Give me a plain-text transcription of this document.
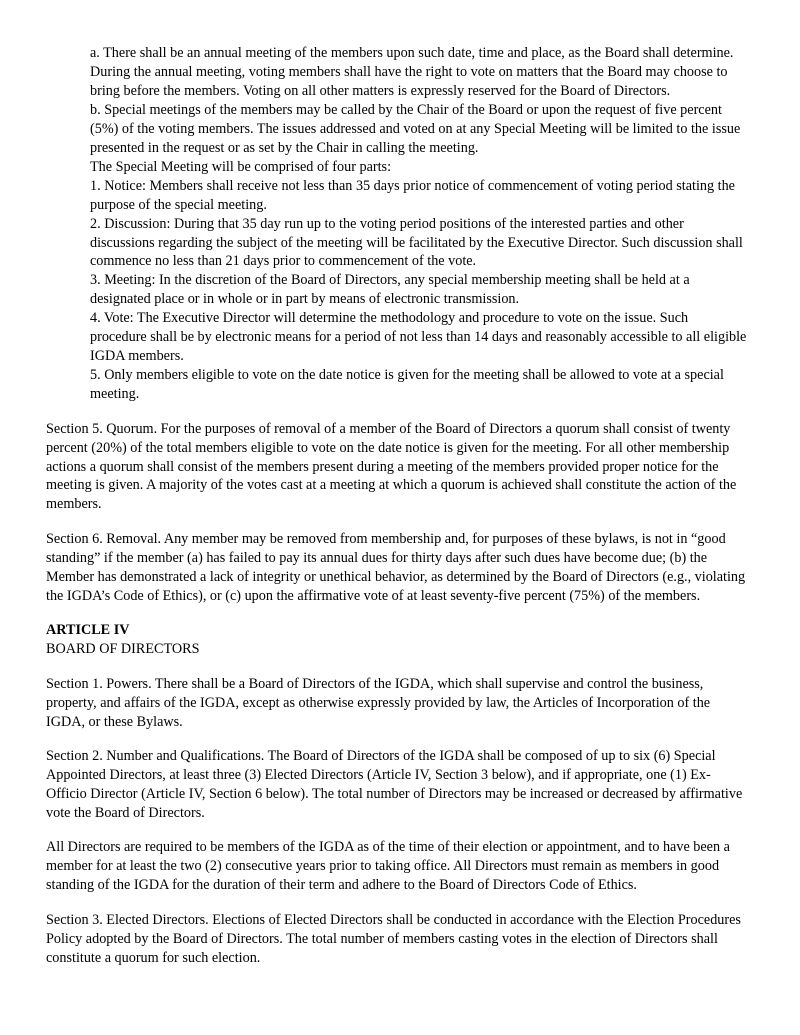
a. There shall be an annual meeting of the members upon such date, time and place, as the Board shall determine. During the annual meeting, voting members shall have the right to vote on matters that the Board may choose to bring before the members. Voting on all other matters is expressly reserved for the Board of Directors.

b. Special meetings of the members may be called by the Chair of the Board or upon the request of five percent (5%) of the voting members. The issues addressed and voted on at any Special Meeting will be limited to the issue presented in the request or as set by the Chair in calling the meeting.

The Special Meeting will be comprised of four parts:

1. Notice: Members shall receive not less than 35 days prior notice of commencement of voting period stating the purpose of the special meeting.

2. Discussion: During that 35 day run up to the voting period positions of the interested parties and other discussions regarding the subject of the meeting will be facilitated by the Executive Director. Such discussion shall commence no less than 21 days prior to commencement of the vote.

3. Meeting: In the discretion of the Board of Directors, any special membership meeting shall be held at a designated place or in whole or in part by means of electronic transmission.

4. Vote: The Executive Director will determine the methodology and procedure to vote on the issue. Such procedure shall be by electronic means for a period of not less than 14 days and reasonably accessible to all eligible IGDA members.

5. Only members eligible to vote on the date notice is given for the meeting shall be allowed to vote at a special meeting.

Section 5. Quorum. For the purposes of removal of a member of the Board of Directors a quorum shall consist of twenty percent (20%) of the total members eligible to vote on the date notice is given for the meeting. For all other membership actions a quorum shall consist of the members present during a meeting of the members provided proper notice for the meeting is given. A majority of the votes cast at a meeting at which a quorum is achieved shall constitute the action of the members.

Section 6. Removal. Any member may be removed from membership and, for purposes of these bylaws, is not in “good standing” if the member (a) has failed to pay its annual dues for thirty days after such dues have become due; (b) the Member has demonstrated a lack of integrity or unethical behavior, as determined by the Board of Directors (e.g., violating the IGDA’s Code of Ethics), or (c) upon the affirmative vote of at least seventy-five percent (75%) of the members.

ARTICLE IV

BOARD OF DIRECTORS

Section 1. Powers. There shall be a Board of Directors of the IGDA, which shall supervise and control the business, property, and affairs of the IGDA, except as otherwise expressly provided by law, the Articles of Incorporation of the IGDA, or these Bylaws.

Section 2. Number and Qualifications. The Board of Directors of the IGDA shall be composed of up to six (6) Special Appointed Directors, at least three (3) Elected Directors (Article IV, Section 3 below), and if appropriate, one (1) Ex-Officio Director (Article IV, Section 6 below). The total number of Directors may be increased or decreased by affirmative vote the Board of Directors.

All Directors are required to be members of the IGDA as of the time of their election or appointment, and to have been a member for at least the two (2) consecutive years prior to taking office. All Directors must remain as members in good standing of the IGDA for the duration of their term and adhere to the Board of Directors Code of Ethics.

Section 3. Elected Directors. Elections of Elected Directors shall be conducted in accordance with the Election Procedures Policy adopted by the Board of Directors. The total number of members casting votes in the election of Directors shall constitute a quorum for such election.
